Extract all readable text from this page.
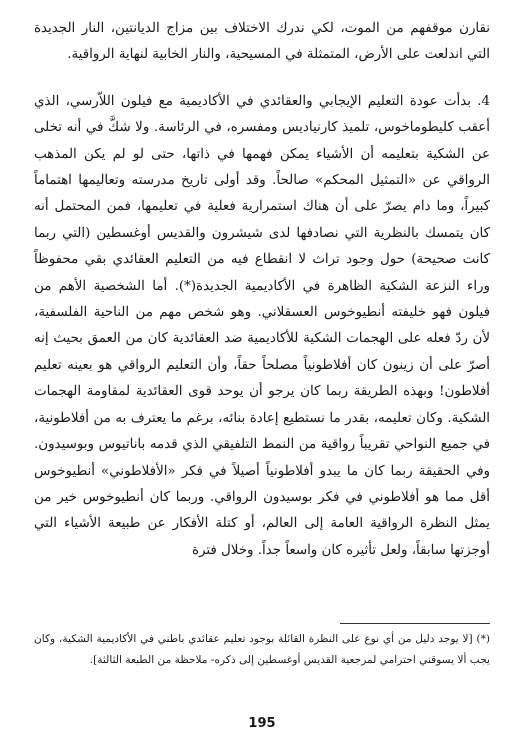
نقارن موقفهم من الموت، لكي ندرك الاختلاف بين مزاج الديانتين، النار الجديدة التي اندلعت على الأرض، المتمثلة في المسيحية، والنار الخابية لنهاية الرواقية.

4. بدأت عودة التعليم الإيجابي والعقائدي في الأكاديمية مع فيلون اللاّرسي، الذي أعقب كليطوماخوس، تلميذ كارنياديس ومفسره، في الرئاسة. ولا شكَّ في أنه تخلى عن الشكية بتعليمه أن الأشياء يمكن فهمها في ذاتها، حتى لو لم يكن المذهب الرواقي عن «التمثيل المحكم» صالحاً. وقد أولى تاريخ مدرسته وتعاليمها اهتماماً كبيراً، وما دام يصرّ على أن هناك استمرارية فعلية في تعليمها، فمن المحتمل أنه كان يتمسك بالنظرية التي نصادفها لدى شيشرون والقديس أوغسطين (التي ربما كانت صحيحة) حول وجود تراث لا انقطاع فيه من التعليم العقائدي بقي محفوظاً وراء النزعة الشكية الظاهرة في الأكاديمية الجديدة(*). أما الشخصية الأهم من فيلون فهو خليفته أنطيوخوس العسقلاني. وهو شخص مهم من الناحية الفلسفية، لأن ردّ فعله على الهجمات الشكية للأكاديمية ضد العقائدية كان من العمق بحيث إنه أصرّ على أن زينون كان أفلاطونياً مصلحاً حقاً، وأن التعليم الرواقي هو بعينه تعليم أفلاطون! وبهذه الطريقة ربما كان يرجو أن يوحد قوى العقائدية لمقاومة الهجمات الشكية. وكان تعليمه، بقدر ما نستطيع إعادة بنائه، برغم ما يعترف به من أفلاطونية، في جميع النواحي تقريباً رواقية من النمط التلفيقي الذي قدمه باناتيوس وبوسيدون. وفي الحقيقة ربما كان ما يبدو أفلاطونياً أصيلاً في فكر «الأفلاطوني» أنطيوخوس أقل مما هو أفلاطوني في فكر بوسيدون الرواقي. وربما كان أنطيوخوس خير من يمثل النظرة الرواقية العامة إلى العالم، أو كتلة الأفكار عن طبيعة الأشياء التي أوجزتها سابقاً، ولعل تأثيره كان واسعاً جداً. وخلال فترة

(*) [لا يوجد دليل من أي نوع على النظرة القائلة بوجود تعليم عقائدي باطني في الأكاديمية الشكية، وكان يجب ألا يسوقني احترامي لمرجعية القديس أوغسطين إلى ذكره- ملاحظة من الطبعة الثالثة].

195
